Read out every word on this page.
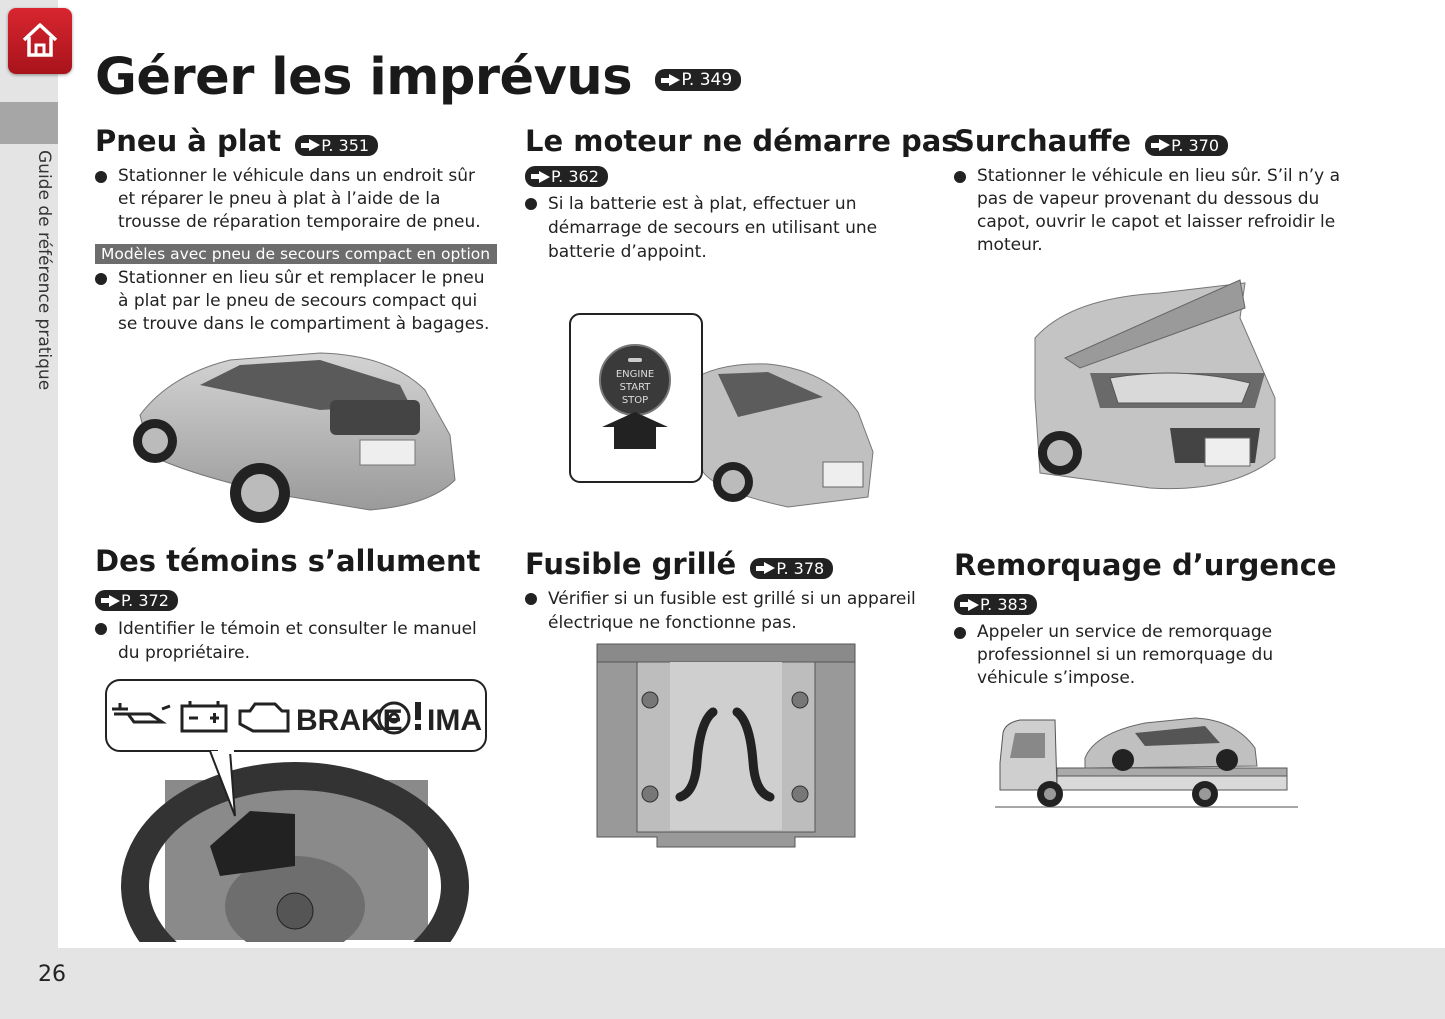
Guide de référence pratique
26
Gérer les imprévus	P. 349
Pneu à plat	P. 351
Stationner le véhicule dans un endroit sûr et réparer le pneu à plat à l’aide de la trousse de réparation temporaire de pneu.
Modèles avec pneu de secours compact en option
Stationner en lieu sûr et remplacer le pneu à plat par le pneu de secours compact qui se trouve dans le compartiment à bagages.
Le moteur ne démarre pas
P. 362
Si la batterie est à plat, effectuer un démarrage de secours en utilisant une batterie d’appoint.
ENGINE
START
STOP
Surchauffe	P. 370
Stationner le véhicule en lieu sûr. S’il n’y a pas de vapeur provenant du dessous du capot, ouvrir le capot et laisser refroidir le moteur.
Des témoins s’allument
P. 372
Identifier le témoin et consulter le manuel du propriétaire.
BRAKE IMA
Fusible grillé	P. 378
Vérifier si un fusible est grillé si un appareil électrique ne fonctionne pas.
Remorquage d’urgence
P. 383
Appeler un service de remorquage professionnel si un remorquage du véhicule s’impose.
